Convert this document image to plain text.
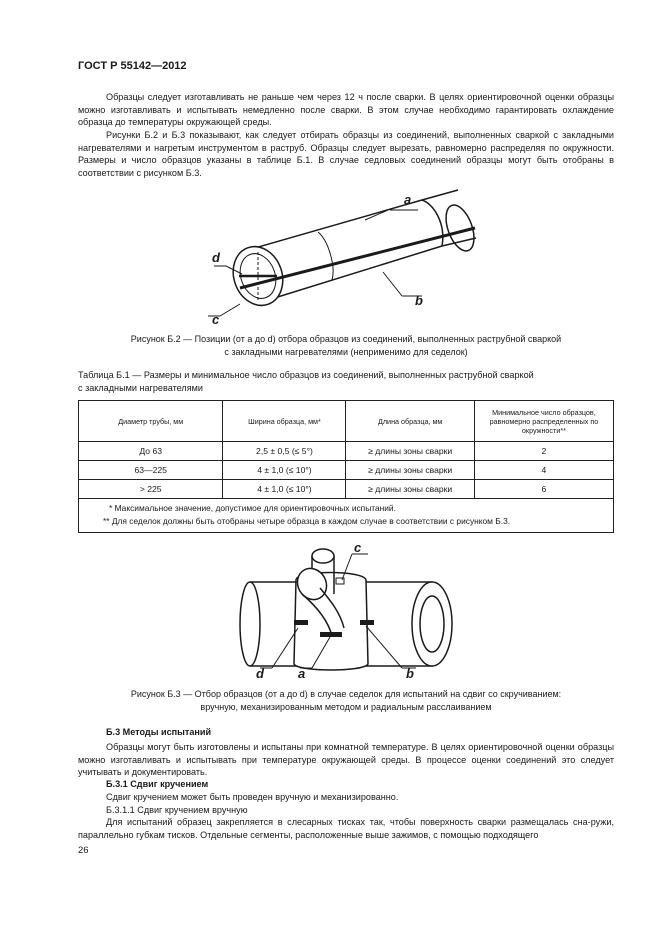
ГОСТ Р 55142—2012
Образцы следует изготавливать не раньше чем через 12 ч после сварки. В целях ориентировочной оценки образцы можно изготавливать и испытывать немедленно после сварки. В этом случае необходимо гарантировать охлаждение образца до температуры окружающей среды.
Рисунки Б.2 и Б.3 показывают, как следует отбирать образцы из соединений, выполненных сваркой с закладными нагревателями и нагретым инструментом в раструб. Образцы следует вырезать, равномерно распределяя по окружности. Размеры и число образцов указаны в таблице Б.1. В случае седловых соединений образцы могут быть отобраны в соответствии с рисунком Б.3.
a
b
c
d
Рисунок Б.2 — Позиции (от a до d) отбора образцов из соединений, выполненных раструбной сваркой
с закладными нагревателями (неприменимо для седелок)
Таблица Б.1 — Размеры и минимальное число образцов из соединений, выполненных раструбной сваркой
с закладными нагревателями
Диаметр трубы, мм	Ширина образца, мм*	Длина образца, мм	Минимальное число образцов, равномерно распределенных по окружности**
До 63	2,5 ± 0,5 (≤ 5°)	≥ длины зоны сварки	2
63—225	4 ± 1,0 (≤ 10°)	≥ длины зоны сварки	4
> 225	4 ± 1,0 (≤ 10°)	≥ длины зоны сварки	6

* Максимальное значение, допустимое для ориентировочных испытаний.
** Для седелок должны быть отобраны четыре образца в каждом случае в соответствии с рисунком Б.3.			
c
d	a	b
Рисунок Б.3 — Отбор образцов (от a до d) в случае седелок для испытаний на сдвиг со скручиванием:
вручную, механизированным методом и радиальным расслаиванием
Б.3 Методы испытаний
Образцы могут быть изготовлены и испытаны при комнатной температуре. В целях ориентировочной оценки образцы можно изготавливать и испытывать при температуре окружающей среды. В процессе оценки соединений это следует учитывать и документировать.
Б.3.1 Сдвиг кручением
Сдвиг кручением может быть проведен вручную и механизированно.
Б.3.1.1 Сдвиг кручением вручную
Для испытаний образец закрепляется в слесарных тисках так, чтобы поверхность сварки размещалась сна-ружи, параллельно губкам тисков. Отдельные сегменты, расположенные выше зажимов, с помощью подходящего
26
